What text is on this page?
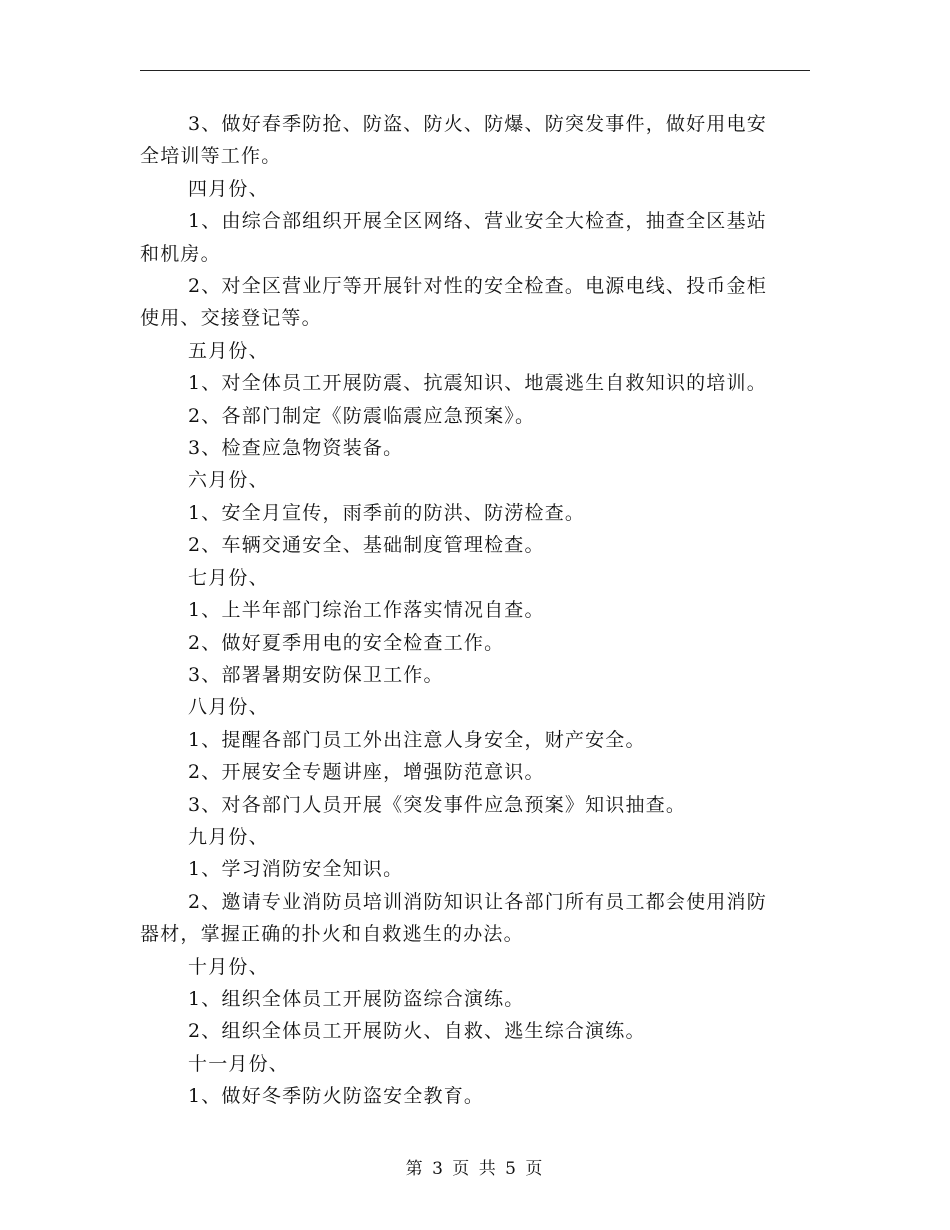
3、做好春季防抢、防盗、防火、防爆、防突发事件，做好用电安
全培训等工作。
四月份、
1、由综合部组织开展全区网络、营业安全大检查，抽查全区基站
和机房。
2、对全区营业厅等开展针对性的安全检查。电源电线、投币金柜
使用、交接登记等。
五月份、
1、对全体员工开展防震、抗震知识、地震逃生自救知识的培训。
2、各部门制定《防震临震应急预案》。
3、检查应急物资装备。
六月份、
1、安全月宣传，雨季前的防洪、防涝检查。
2、车辆交通安全、基础制度管理检查。
七月份、
1、上半年部门综治工作落实情况自查。
2、做好夏季用电的安全检查工作。
3、部署暑期安防保卫工作。
八月份、
1、提醒各部门员工外出注意人身安全，财产安全。
2、开展安全专题讲座，增强防范意识。
3、对各部门人员开展《突发事件应急预案》知识抽查。
九月份、
1、学习消防安全知识。
2、邀请专业消防员培训消防知识让各部门所有员工都会使用消防
器材，掌握正确的扑火和自救逃生的办法。
十月份、
1、组织全体员工开展防盗综合演练。
2、组织全体员工开展防火、自救、逃生综合演练。
十一月份、
1、做好冬季防火防盗安全教育。
第 3 页 共 5 页
